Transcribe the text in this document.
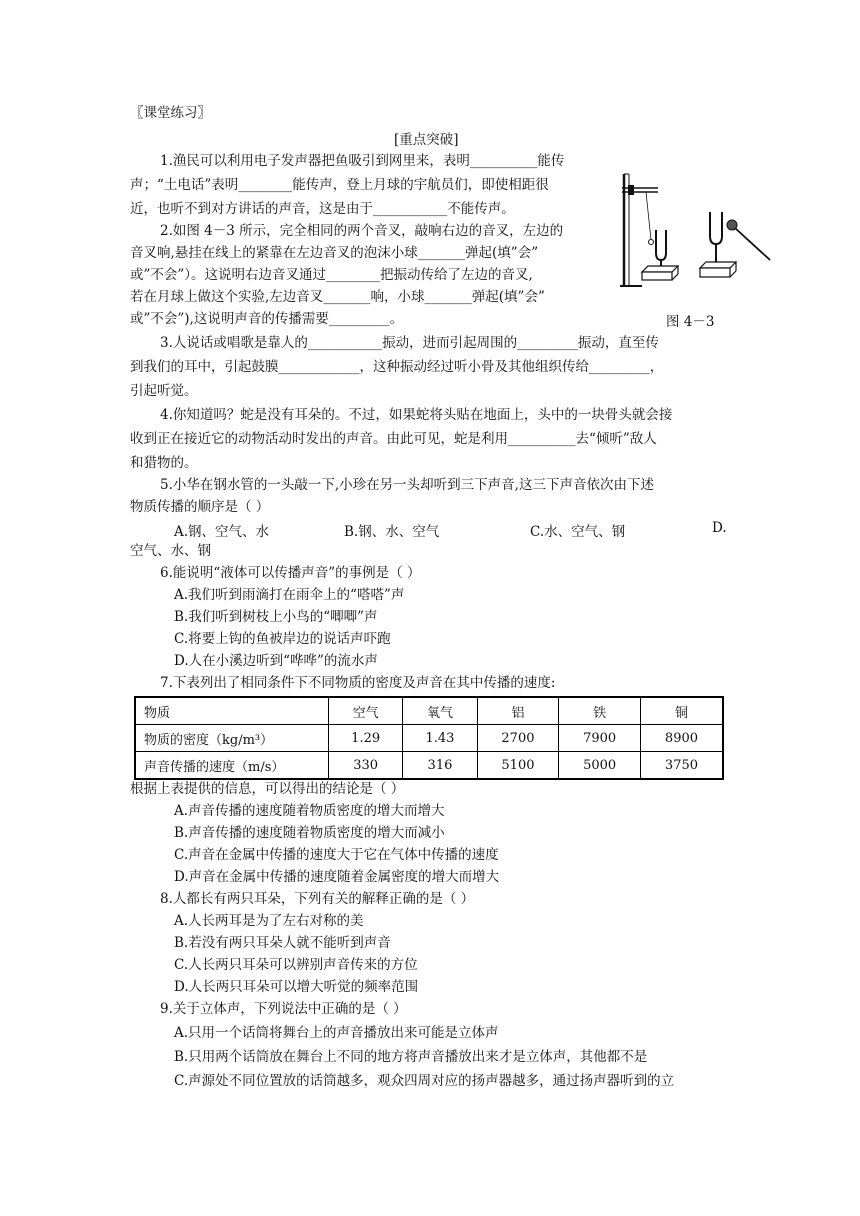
〖课堂练习〗
[重点突破]
1.渔民可以利用电子发声器把鱼吸引到网里来，表明__________能传
声；“土电话”表明________能传声，登上月球的宇航员们，即使相距很
近，也听不到对方讲话的声音，这是由于___________不能传声。
2.如图 4－3 所示，完全相同的两个音叉，敲响右边的音叉，左边的
音叉响,悬挂在线上的紧靠在左边音叉的泡沫小球_______弹起(填”会”
或”不会”）。这说明右边音叉通过________把振动传给了左边的音叉,
若在月球上做这个实验,左边音叉_______响，小球_______弹起(填”会”
或”不会”),这说明声音的传播需要_________。	图 4－3
3.人说话或唱歌是靠人的___________振动，进而引起周围的_________振动，直至传
到我们的耳中，引起鼓膜____________，这种振动经过听小骨及其他组织传给_________，
引起听觉。
4.你知道吗？蛇是没有耳朵的。不过，如果蛇将头贴在地面上，头中的一块骨头就会接
收到正在接近它的动物活动时发出的声音。由此可见，蛇是利用__________去“倾听”敌人
和猎物的。
5.小华在钢水管的一头敲一下,小珍在另一头却听到三下声音,这三下声音依次由下述
物质传播的顺序是（ ）
A.钢、空气、水	B.钢、水、空气	C.水、空气、钢	D.
空气、水、钢
6.能说明“液体可以传播声音”的事例是（ ）
A.我们听到雨滴打在雨伞上的“嗒嗒”声
B.我们听到树枝上小鸟的“唧唧”声
C.将要上钩的鱼被岸边的说话声吓跑
D.人在小溪边听到“哗哗”的流水声
7.下表列出了相同条件下不同物质的密度及声音在其中传播的速度:
物质	空气	氧气	铝	铁	铜
物质的密度（kg/m³）	1.29	1.43	2700	7900	8900
声音传播的速度（m/s）	330	316	5100	5000	3750
根据上表提供的信息，可以得出的结论是（ ）
A.声音传播的速度随着物质密度的增大而增大
B.声音传播的速度随着物质密度的增大而减小
C.声音在金属中传播的速度大于它在气体中传播的速度
D.声音在金属中传播的速度随着金属密度的增大而增大
8.人都长有两只耳朵，下列有关的解释正确的是（ ）
A.人长两耳是为了左右对称的美
B.若没有两只耳朵人就不能听到声音
C.人长两只耳朵可以辨别声音传来的方位
D.人长两只耳朵可以增大听觉的频率范围
9.关于立体声，下列说法中正确的是（ ）
A.只用一个话筒将舞台上的声音播放出来可能是立体声
B.只用两个话筒放在舞台上不同的地方将声音播放出来才是立体声，其他都不是
C.声源处不同位置放的话筒越多，观众四周对应的扬声器越多，通过扬声器听到的立
